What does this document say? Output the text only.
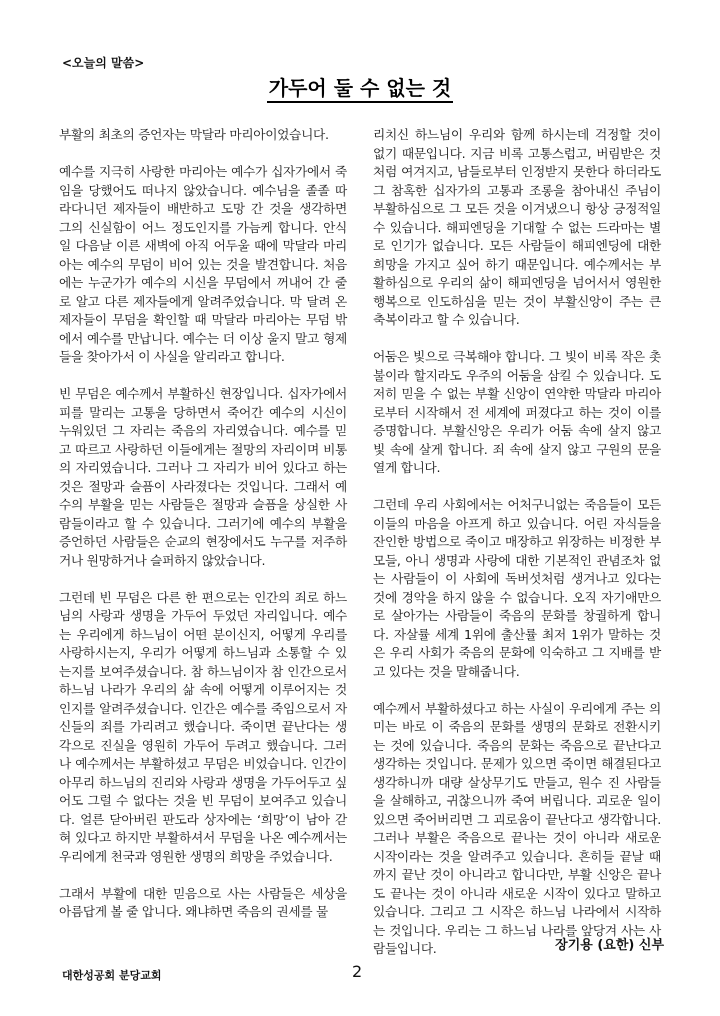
<오늘의 말씀>
가두어 둘 수 없는 것

부활의 최초의 증언자는 막달라 마리아이었습니다.

예수를 지극히 사랑한 마리아는 예수가 십자가에서 죽임을 당했어도 떠나지 않았습니다. 예수님을 졸졸 따라다니던 제자들이 배반하고 도망 간 것을 생각하면 그의 신실함이 어느 정도인지를 가늠케 합니다. 안식일 다음날 이른 새벽에 아직 어두울 때에 막달라 마리아는 예수의 무덤이 비어 있는 것을 발견합니다. 처음에는 누군가가 예수의 시신을 무덤에서 꺼내어 간 줄로 알고 다른 제자들에게 알려주었습니다. 막 달려 온 제자들이 무덤을 확인할 때 막달라 마리아는 무덤 밖에서 예수를 만납니다. 예수는 더 이상 울지 말고 형제들을 찾아가서 이 사실을 알리라고 합니다.

빈 무덤은 예수께서 부활하신 현장입니다. 십자가에서 피를 말리는 고통을 당하면서 죽어간 예수의 시신이 누워있던 그 자리는 죽음의 자리였습니다. 예수를 믿고 따르고 사랑하던 이들에게는 절망의 자리이며 비통의 자리였습니다. 그러나 그 자리가 비어 있다고 하는 것은 절망과 슬픔이 사라졌다는 것입니다. 그래서 예수의 부활을 믿는 사람들은 절망과 슬픔을 상실한 사람들이라고 할 수 있습니다. 그러기에 예수의 부활을 증언하던 사람들은 순교의 현장에서도 누구를 저주하거나 원망하거나 슬퍼하지 않았습니다.

그런데 빈 무덤은 다른 한 편으로는 인간의 죄로 하느님의 사랑과 생명을 가두어 두었던 자리입니다. 예수는 우리에게 하느님이 어떤 분이신지, 어떻게 우리를 사랑하시는지, 우리가 어떻게 하느님과 소통할 수 있는지를 보여주셨습니다. 참 하느님이자 참 인간으로서 하느님 나라가 우리의 삶 속에 어떻게 이루어지는 것인지를 알려주셨습니다. 인간은 예수를 죽임으로서 자신들의 죄를 가리려고 했습니다. 죽이면 끝난다는 생각으로 진실을 영원히 가두어 두려고 했습니다. 그러나 예수께서는 부활하셨고 무덤은 비었습니다. 인간이 아무리 하느님의 진리와 사랑과 생명을 가두어두고 싶어도 그럴 수 없다는 것을 빈 무덤이 보여주고 있습니다. 얼른 닫아버린 판도라 상자에는 ‘희망’이 남아 갇혀 있다고 하지만 부활하셔서 무덤을 나온 예수께서는 우리에게 천국과 영원한 생명의 희망을 주었습니다.

그래서 부활에 대한 믿음으로 사는 사람들은 세상을 아름답게 볼 줄 압니다. 왜냐하면 죽음의 권세를 물

리치신 하느님이 우리와 함께 하시는데 걱정할 것이 없기 때문입니다. 지금 비록 고통스럽고, 버림받은 것처럼 여겨지고, 남들로부터 인정받지 못한다 하더라도 그 참혹한 십자가의 고통과 조롱을 참아내신 주님이 부활하심으로 그 모든 것을 이겨냈으니 항상 긍정적일 수 있습니다. 해피엔딩을 기대할 수 없는 드라마는 별로 인기가 없습니다. 모든 사람들이 해피엔딩에 대한 희망을 가지고 싶어 하기 때문입니다. 예수께서는 부활하심으로 우리의 삶이 해피엔딩을 넘어서서 영원한 행복으로 인도하심을 믿는 것이 부활신앙이 주는 큰 축복이라고 할 수 있습니다.

어둠은 빛으로 극복해야 합니다. 그 빛이 비록 작은 촛불이라 할지라도 우주의 어둠을 삼킬 수 있습니다. 도저히 믿을 수 없는 부활 신앙이 연약한 막달라 마리아로부터 시작해서 전 세계에 퍼졌다고 하는 것이 이를 증명합니다. 부활신앙은 우리가 어둠 속에 살지 않고 빛 속에 살게 합니다. 죄 속에 살지 않고 구원의 문을 열게 합니다.

그런데 우리 사회에서는 어처구니없는 죽음들이 모든 이들의 마음을 아프게 하고 있습니다. 어린 자식들을 잔인한 방법으로 죽이고 매장하고 위장하는 비정한 부모들, 아니 생명과 사랑에 대한 기본적인 관념조차 없는 사람들이 이 사회에 독버섯처럼 생겨나고 있다는 것에 경악을 하지 않을 수 없습니다. 오직 자기애만으로 살아가는 사람들이 죽음의 문화를 창궐하게 합니다. 자살률 세계 1위에 출산률 최저 1위가 말하는 것은 우리 사회가 죽음의 문화에 익숙하고 그 지배를 받고 있다는 것을 말해줍니다.

예수께서 부활하셨다고 하는 사실이 우리에게 주는 의미는 바로 이 죽음의 문화를 생명의 문화로 전환시키는 것에 있습니다. 죽음의 문화는 죽음으로 끝난다고 생각하는 것입니다. 문제가 있으면 죽이면 해결된다고 생각하니까 대량 살상무기도 만들고, 원수 진 사람들을 살해하고, 귀찮으니까 죽여 버립니다. 괴로운 일이 있으면 죽어버리면 그 괴로움이 끝난다고 생각합니다. 그러나 부활은 죽음으로 끝나는 것이 아니라 새로운 시작이라는 것을 알려주고 있습니다. 흔히들 끝날 때까지 끝난 것이 아니라고 합니다만, 부활 신앙은 끝나도 끝나는 것이 아니라 새로운 시작이 있다고 말하고 있습니다. 그리고 그 시작은 하느님 나라에서 시작하는 것입니다. 우리는 그 하느님 나라를 앞당겨 사는 사람들입니다.	장기용 (요한) 신부
대한성공회 분당교회	2
